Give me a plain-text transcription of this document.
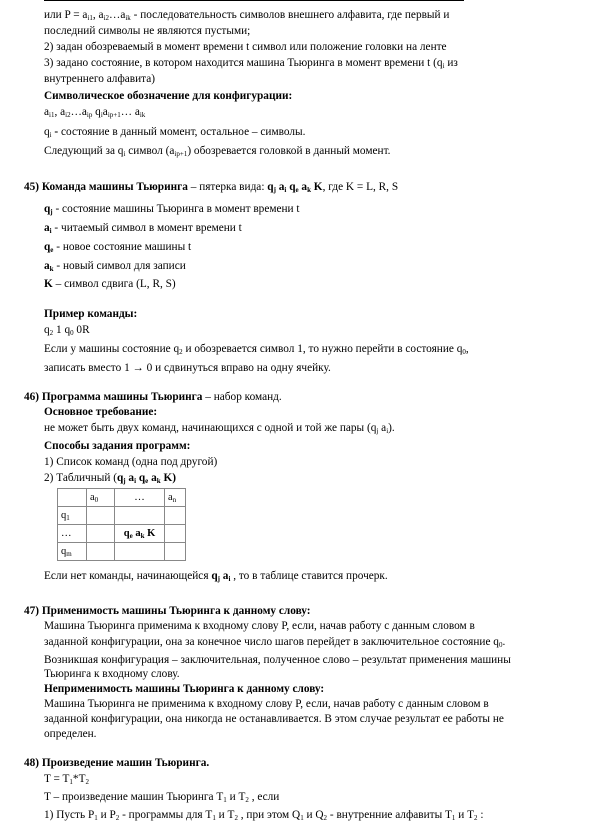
или $P = a_{i1}$, $a_{i2}\dots a_{ik}$ - последовательность символов внешнего алфавита, где первый и
последний символы не являются пустыми;
2) задан обозреваемый в момент времени t символ или положение головки на ленте
3) задано состояние, в котором находится машина Тьюринга в момент времени t ($q_i$ из
внутреннего алфавита)
Символическое обозначение для конфигурации:
$a_{i1}$, $a_{i2}\dots a_{ip}$ $q_ia_{ip+1}\dots$ $a_{ik}$
$q_i$ - состояние в данный момент, остальное – символы.
Следующий за $q_i$ символ $(a_{ip+1})$ обозревается головкой в данный момент.
45) Команда машины Тьюринга – пятерка вида: $q_j$ $a_i$ $q_e$ $a_k$ K, где K = L, R, S
$q_j$ - состояние машины Тьюринга в момент времени t
$a_i$ - читаемый символ в момент времени t
$q_e$ - новое состояние машины t
$a_k$ - новый символ для записи
K – символ сдвига (L, R, S)
Пример команды:
$q_2$ 1 $q_0$ 0R
Если у машины состояние $q_2$ и обозревается символ 1, то нужно перейти в состояние $q_0$,
записать вместо 1 → 0 и сдвинуться вправо на одну ячейку.
46) Программа машины Тьюринга – набор команд.
Основное требование:
не может быть двух команд, начинающихся с одной и той же пары ($q_j$ $a_i$).
Способы задания программ:
1) Список команд (одна под другой)
2) Табличный ($q_j$ $a_i$ $q_e$ $a_k$ K)
	$a_0$	…	$a_n$
$q_1$			
…		$q_e$ $a_k$ K	
$q_m$			
Если нет команды, начинающейся $q_j$ $a_i$ , то в таблице ставится прочерк.
47) Применимость машины Тьюринга к данному слову:
Машина Тьюринга применима к входному слову P, если, начав работу с данным словом в
заданной конфигурации, она за конечное число шагов перейдет в заключительное состояние $q_0$.
Возникшая конфигурация – заключительная, полученное слово – результат применения машины
Тьюринга к входному слову.
Неприменимость машины Тьюринга к данному слову:
Машина Тьюринга не применима к входному слову P, если, начав работу с данным словом в
заданной конфигурации, она никогда не останавливается. В этом случае результат ее работы не
определен.
48) Произведение машин Тьюринга.
$T = T_1*T_2$
T – произведение машин Тьюринга $T_1$ и $T_2$ , если
1) Пусть $P_1$ и $P_2$ - программы для $T_1$ и $T_2$ , при этом $Q_1$ и $Q_2$ - внутренние алфавиты $T_1$ и $T_2$ :
